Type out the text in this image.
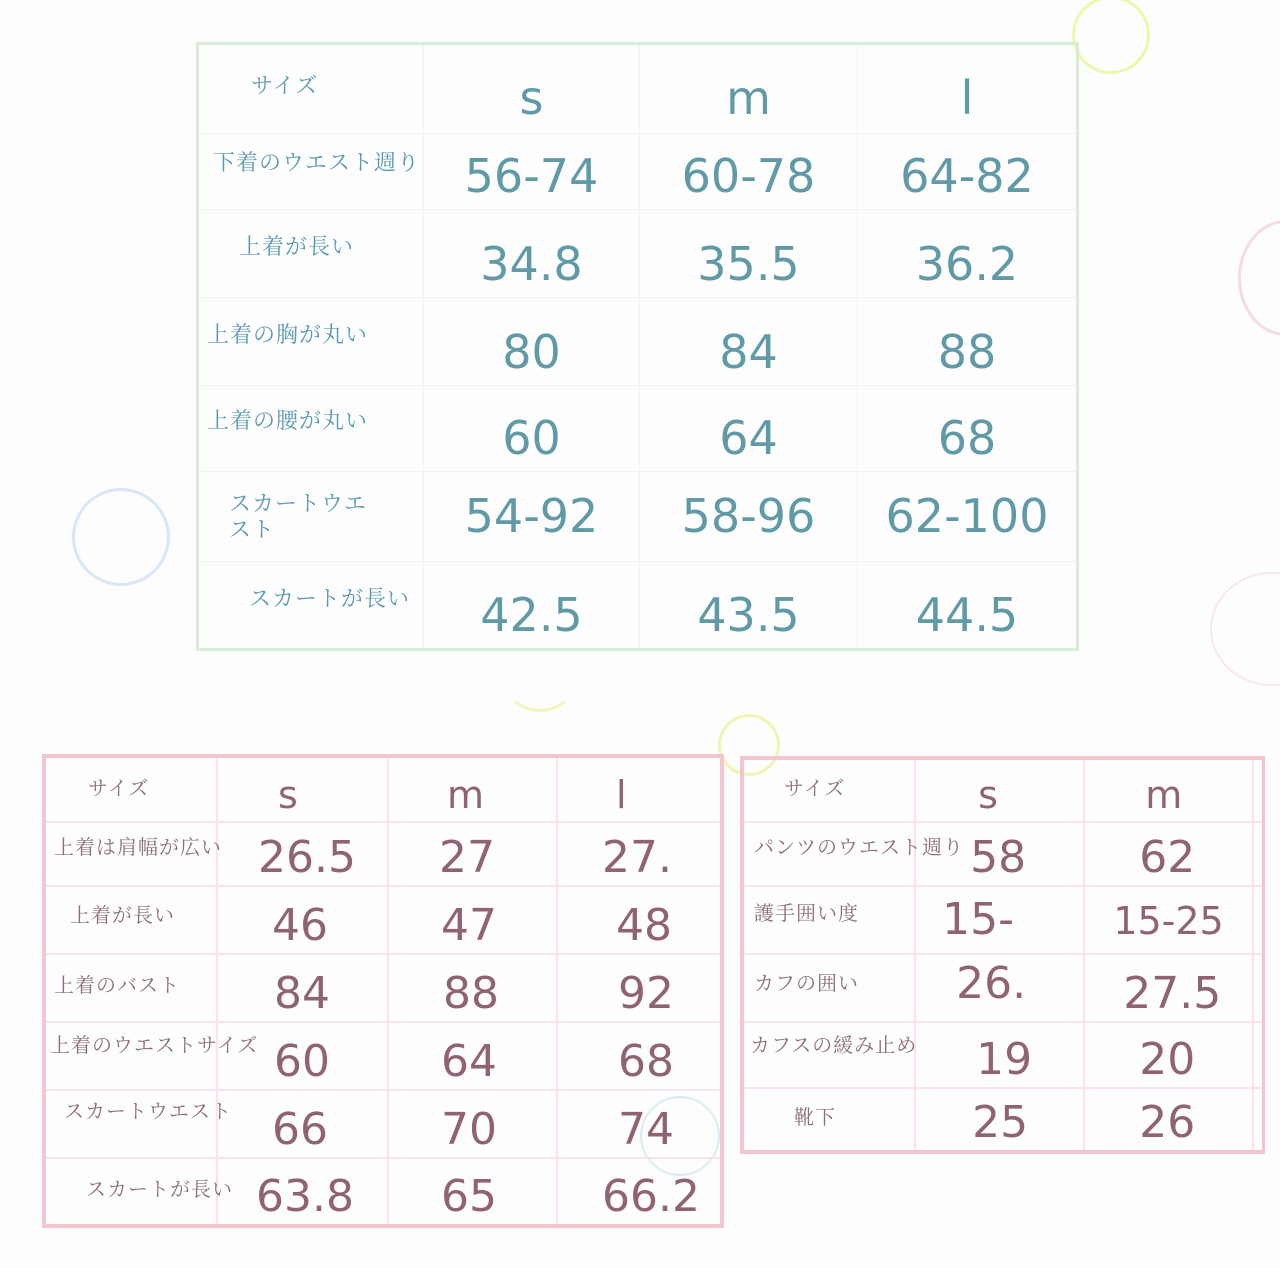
サイズ	s	m	l
下着のウエスト週り	56-74	60-78	64-82
上着が長い	34.8	35.5	36.2
上着の胸が丸い	80	84	88
上着の腰が丸い	60	64	68

スカートウエ
スト	54-92	58-96	62-100
スカートが長い	42.5	43.5	44.5
サイズ	s	m	l
上着は肩幅が広い	26.5	27	27.
上着が長い	46	47	48
上着のバスト	84	88	92
上着のウエストサイズ	60	64	68
スカートウエスト	66	70	74
スカートが長い	63.8	65	66.2
サイズ	s	m	
パンツのウエスト週り	58	62	
護手囲い度	15-	15-25	
カフの囲い	26.	27.5	
カフスの緩み止め	19	20	
靴下	25	26	
